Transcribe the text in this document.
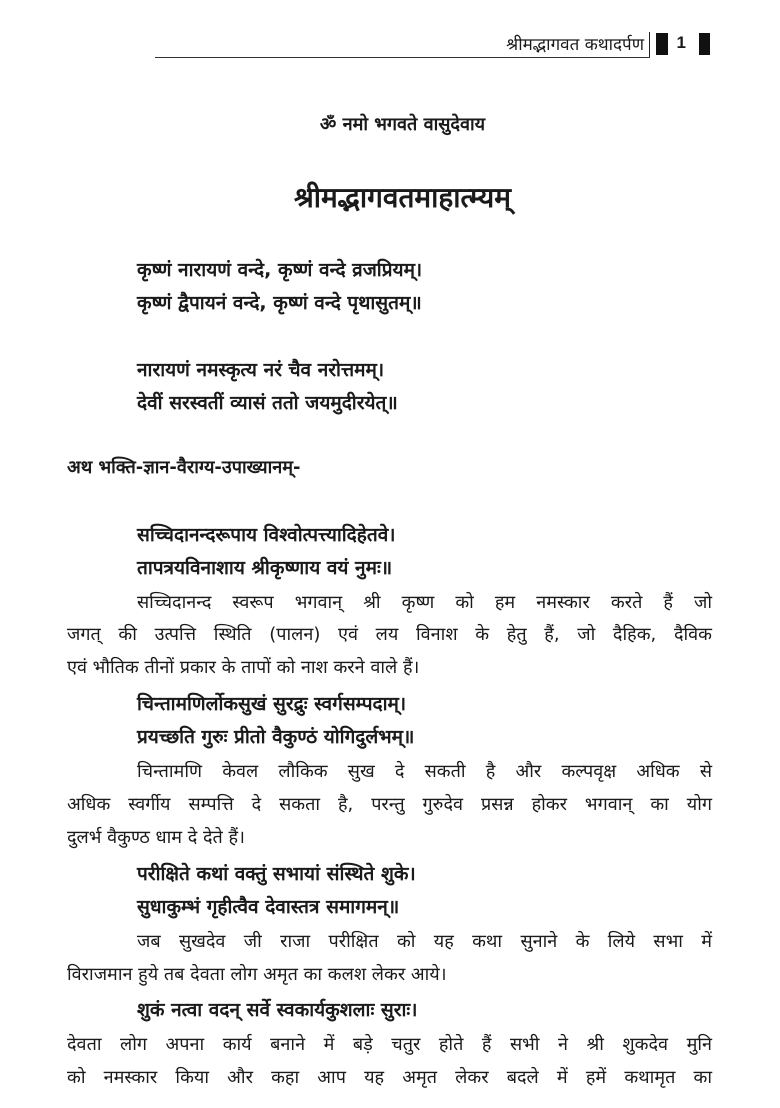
श्रीमद्भागवत कथादर्पण 1
ॐ नमो भगवते वासुदेवाय
श्रीमद्भागवतमाहात्म्यम्
कृष्णं नारायणं वन्दे, कृष्णं वन्दे व्रजप्रियम्।
कृष्णं द्वैपायनं वन्दे, कृष्णं वन्दे पृथासुतम्॥
नारायणं नमस्कृत्य नरं चैव नरोत्तमम्।
देवीं सरस्वतीं व्यासं ततो जयमुदीरयेत्॥
अथ भक्ति-ज्ञान-वैराग्य-उपाख्यानम्-
सच्चिदानन्दरूपाय विश्वोत्पत्त्यादिहेतवे।
तापत्रयविनाशाय श्रीकृष्णाय वयं नुमः॥
सच्चिदानन्द स्वरूप भगवान् श्री कृष्ण को हम नमस्कार करते हैं जो
जगत् की उत्पत्ति स्थिति (पालन) एवं लय विनाश के हेतु हैं, जो दैहिक, दैविक
एवं भौतिक तीनों प्रकार के तापों को नाश करने वाले हैं।
चिन्तामणिर्लोकसुखं सुरद्रुः स्वर्गसम्पदाम्।
प्रयच्छति गुरुः प्रीतो वैकुण्ठं योगिदुर्लभम्॥
चिन्तामणि केवल लौकिक सुख दे सकती है और कल्पवृक्ष अधिक से
अधिक स्वर्गीय सम्पत्ति दे सकता है, परन्तु गुरुदेव प्रसन्न होकर भगवान् का योग
दुलर्भ वैकुण्ठ धाम दे देते हैं।
परीक्षिते कथां वक्तुं सभायां संस्थिते शुके।
सुधाकुम्भं गृहीत्वैव देवास्तत्र समागमन्॥
जब सुखदेव जी राजा परीक्षित को यह कथा सुनाने के लिये सभा में
विराजमान हुये तब देवता लोग अमृत का कलश लेकर आये।
शुकं नत्वा वदन् सर्वे स्वकार्यकुशलाः सुराः।
देवता लोग अपना कार्य बनाने में बड़े चतुर होते हैं सभी ने श्री शुकदेव मुनि
को नमस्कार किया और कहा आप यह अमृत लेकर बदले में हमें कथामृत का
